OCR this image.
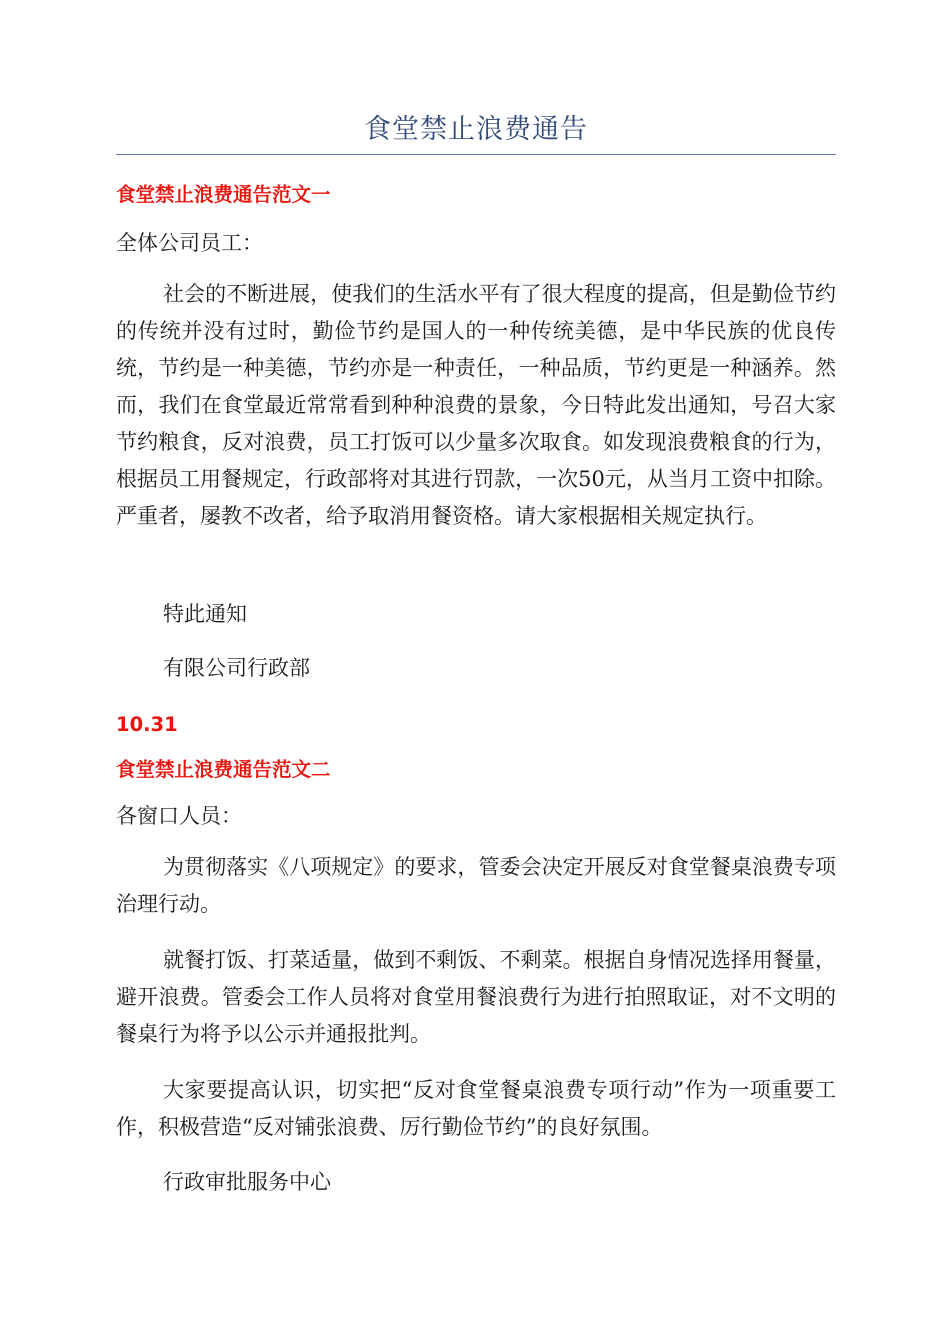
食堂禁止浪费通告
食堂禁止浪费通告范文一
全体公司员工：

社会的不断进展，使我们的生活水平有了很大程度的提高，但是勤俭节约的传统并没有过时，勤俭节约是国人的一种传统美德，是中华民族的优良传统，节约是一种美德，节约亦是一种责任，一种品质，节约更是一种涵养。然而，我们在食堂最近常常看到种种浪费的景象，今日特此发出通知，号召大家节约粮食，反对浪费，员工打饭可以少量多次取食。如发现浪费粮食的行为，根据员工用餐规定，行政部将对其进行罚款，一次50元，从当月工资中扣除。严重者，屡教不改者，给予取消用餐资格。请大家根据相关规定执行。

特此通知
有限公司行政部
10.31
食堂禁止浪费通告范文二
各窗口人员：

为贯彻落实《八项规定》的要求，管委会决定开展反对食堂餐桌浪费专项治理行动。

就餐打饭、打菜适量，做到不剩饭、不剩菜。根据自身情况选择用餐量，避开浪费。管委会工作人员将对食堂用餐浪费行为进行拍照取证，对不文明的餐桌行为将予以公示并通报批判。

大家要提高认识，切实把“反对食堂餐桌浪费专项行动”作为一项重要工作，积极营造“反对铺张浪费、厉行勤俭节约”的良好氛围。

行政审批服务中心
